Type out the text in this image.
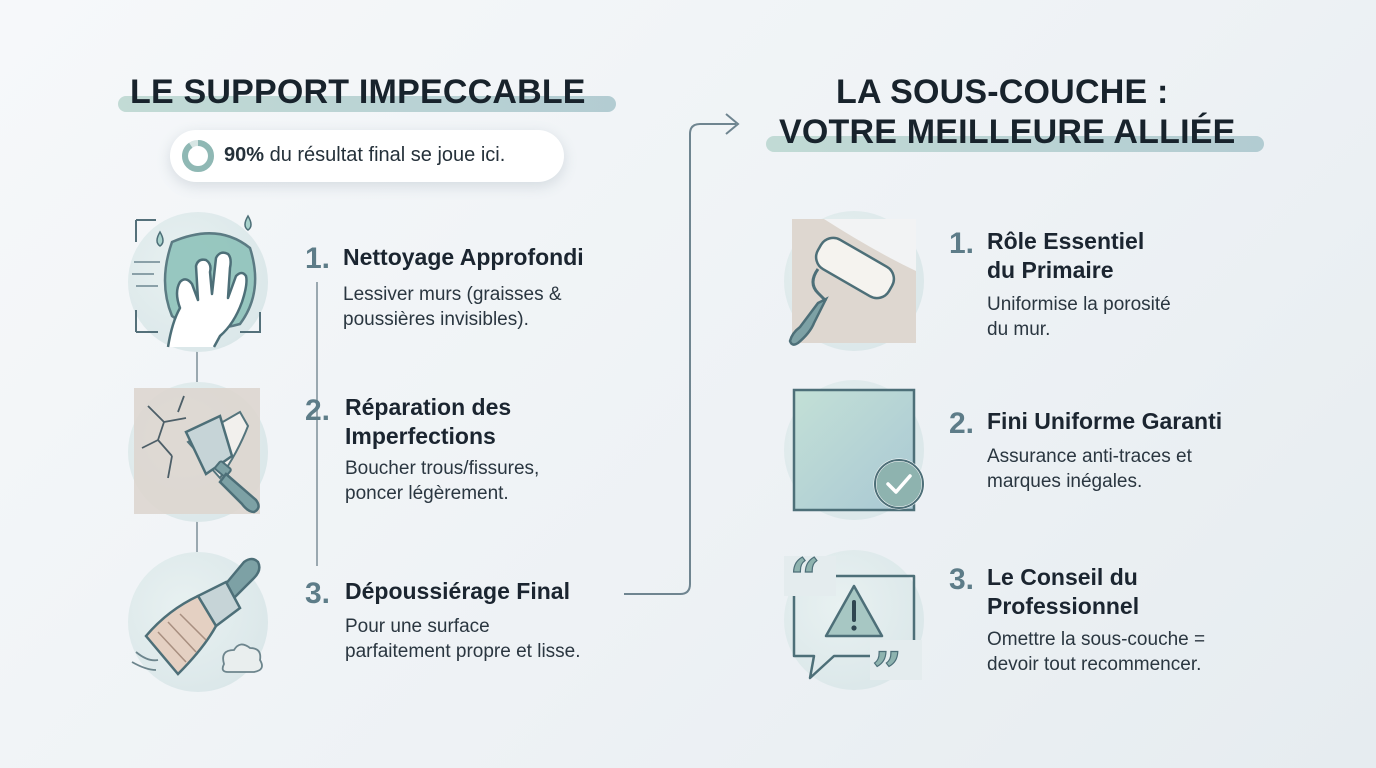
LE SUPPORT IMPECCABLE
90% du résultat final se joue ici.
1. Nettoyage Approfondi
Lessiver murs (graisses &
poussières invisibles).
2. Réparation des
Imperfections
Boucher trous/fissures,
poncer légèrement.
3. Dépoussiérage Final
Pour une surface
parfaitement propre et lisse.
LA SOUS-COUCHE :
VOTRE MEILLEURE ALLIÉE
1. Rôle Essentiel
du Primaire
Uniformise la porosité
du mur.
2. Fini Uniforme Garanti
Assurance anti-traces et
marques inégales.
“
”
3. Le Conseil du
Professionnel
Omettre la sous-couche =
devoir tout recommencer.
